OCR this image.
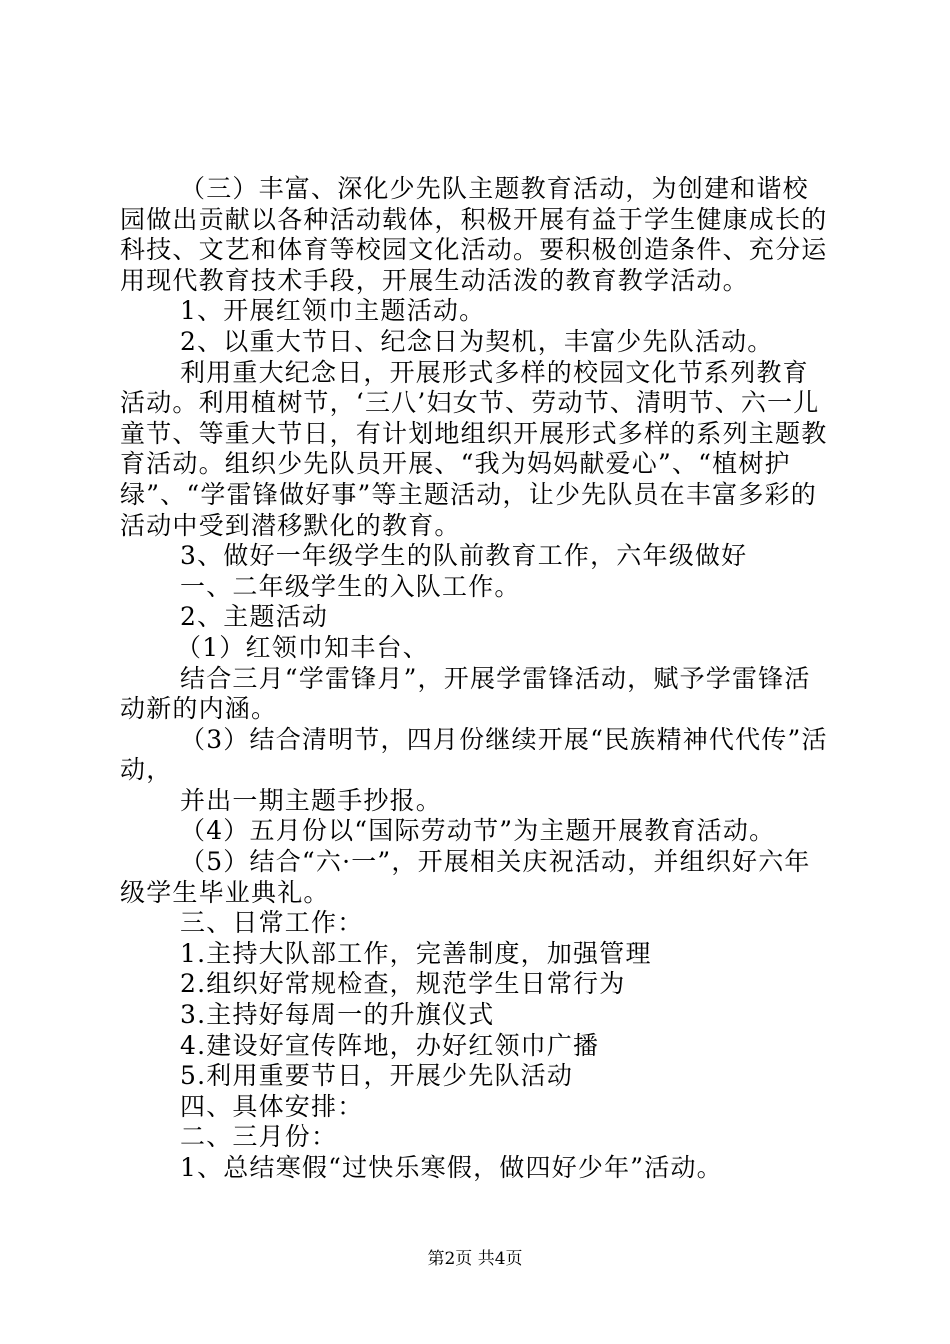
（三）丰富、深化少先队主题教育活动，为创建和谐校园做出贡献以各种活动载体，积极开展有益于学生健康成长的科技、文艺和体育等校园文化活动。要积极创造条件、充分运用现代教育技术手段，开展生动活泼的教育教学活动。

1、开展红领巾主题活动。

2、以重大节日、纪念日为契机，丰富少先队活动。

利用重大纪念日，开展形式多样的校园文化节系列教育活动。利用植树节，‘三八’妇女节、劳动节、清明节、六一儿童节、等重大节日，有计划地组织开展形式多样的系列主题教育活动。组织少先队员开展、“我为妈妈献爱心”、“植树护绿”、“学雷锋做好事”等主题活动，让少先队员在丰富多彩的活动中受到潜移默化的教育。

3、做好一年级学生的队前教育工作，六年级做好

一、二年级学生的入队工作。

2、主题活动

（1）红领巾知丰台、

结合三月“学雷锋月”，开展学雷锋活动，赋予学雷锋活动新的内涵。

（3）结合清明节，四月份继续开展“民族精神代代传”活动，

并出一期主题手抄报。

（4）五月份以“国际劳动节”为主题开展教育活动。

（5）结合“六·一”，开展相关庆祝活动，并组织好六年级学生毕业典礼。

三、日常工作：

1.主持大队部工作，完善制度，加强管理

2.组织好常规检查，规范学生日常行为

3.主持好每周一的升旗仪式

4.建设好宣传阵地，办好红领巾广播

5.利用重要节日，开展少先队活动

四、具体安排：

二、三月份：

1、总结寒假“过快乐寒假，做四好少年”活动。

第2页 共4页
